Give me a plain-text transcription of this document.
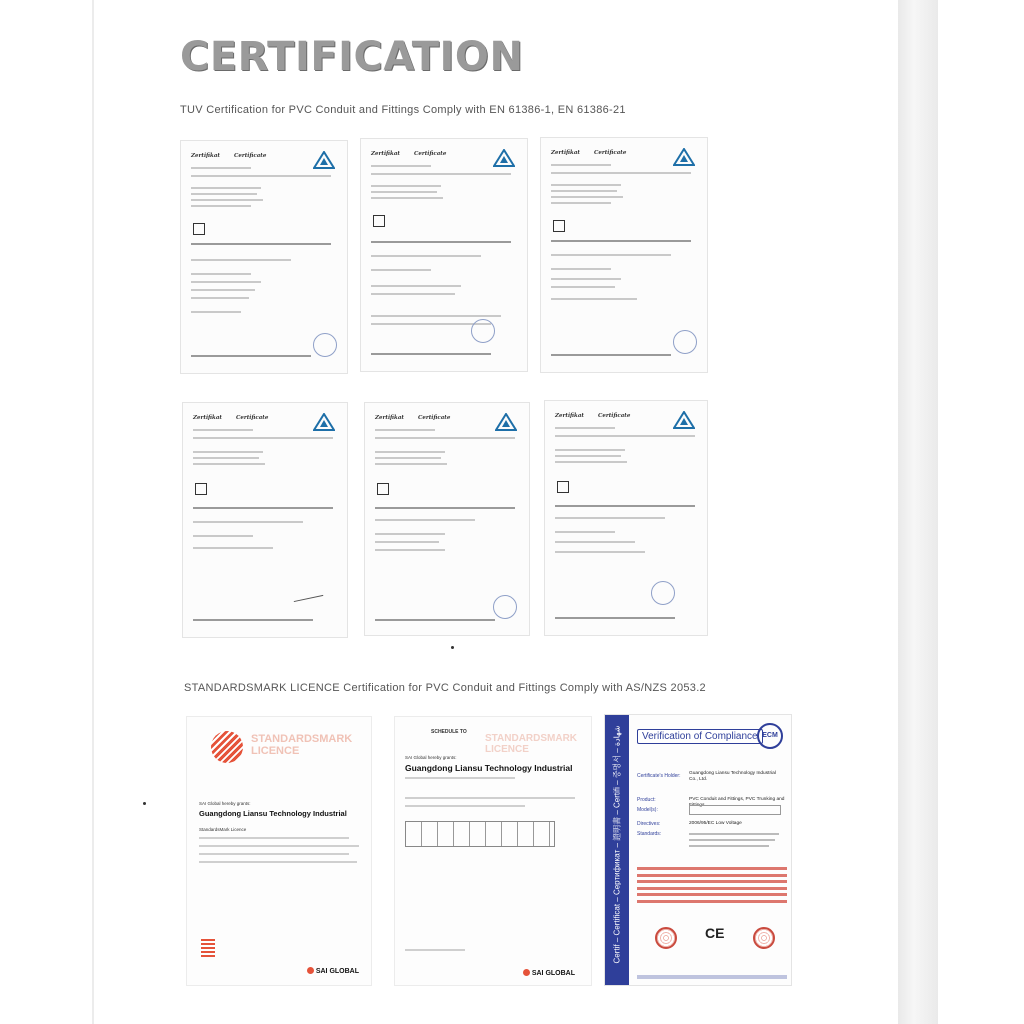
CERTIFICATION
TUV Certification for PVC Conduit and Fittings Comply with EN 61386-1, EN 61386-21
Zertifikat	Certificate	Zertifikat	Certificate	Zertifikat	Certificate
Zertifikat	Certificate	Zertifikat	Certificate	Zertifikat	Certificate
STANDARDSMARK LICENCE Certification for PVC Conduit and Fittings Comply with AS/NZS 2053.2
STANDARDSMARK
LICENCE
SAI Global hereby grants:
Guangdong Liansu Technology Industrial
StandardsMark Licence
SAI GLOBAL
SCHEDULE TO
STANDARDSMARK LICENCE
SAI Global hereby grants:
Guangdong Liansu Technology Industrial
SAI GLOBAL
Certif – Certificat – Сертификат – 證明書 – Certifi – 증명서 – شهادة	Verification of Compliance ECM
Certificate's Holder: Guangdong Liansu Technology Industrial Co., Ltd.
Product:	PVC Conduit and Fittings, PVC Trunking and Fittings
Model(s):
Directives:	2006/95/EC Low Voltage
Standards:
CE
